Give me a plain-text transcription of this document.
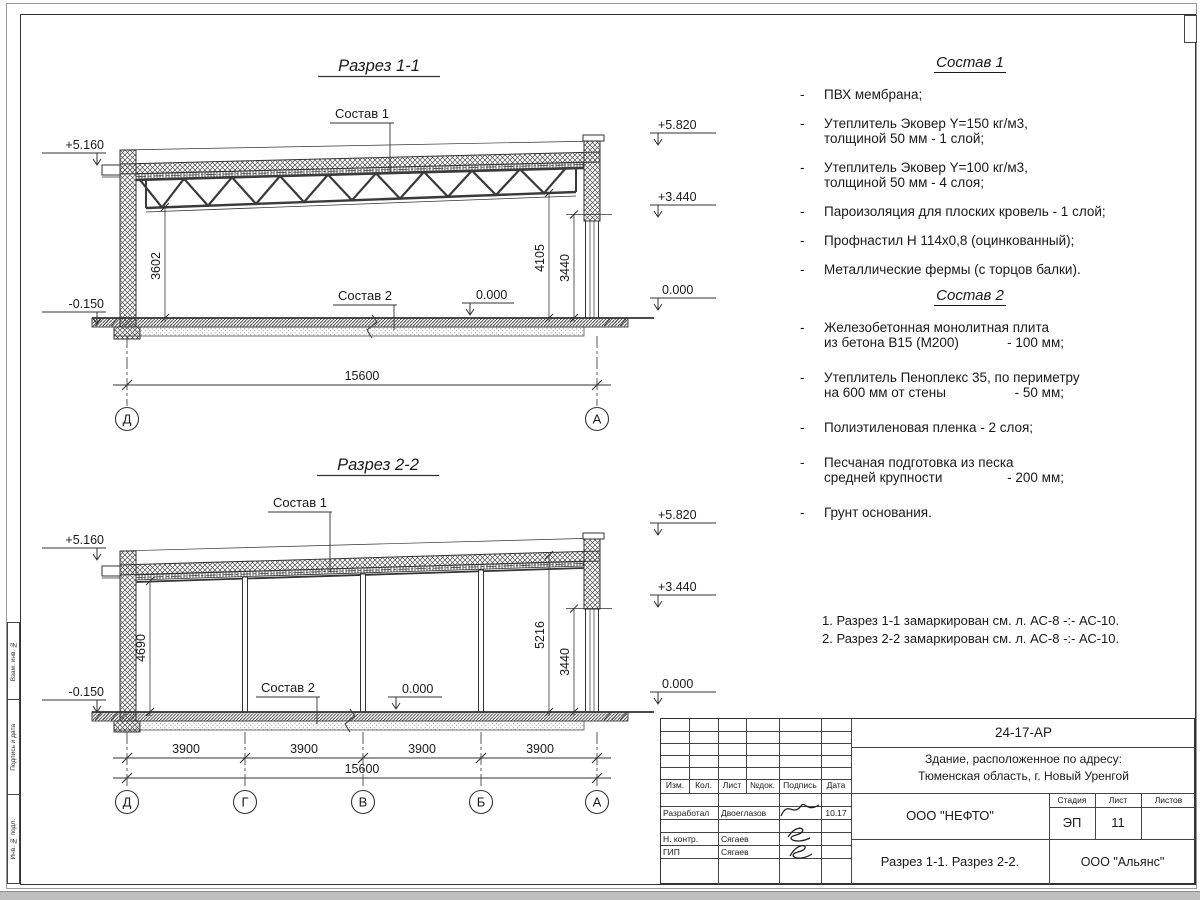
Взам. инв. №
Подпись и дата
Инв. № подл.
Разрез 1-1
Состав 1
Состав 2
+5.160
-0.150
+5.820
+3.440
0.000
0.000
3602	4105 3440
15600
Д	А
Разрез 2-2
Состав 1
Состав 2
+5.160
-0.150
+5.820
+3.440
0.000
0.000
4690	5216
3440
3900	3900	3900	3900
15600
Д	Г	В	Б	А
Состав 1
-	ПВХ мембрана;
-	Утеплитель Эковер Y=150 кг/м3,
толщиной 50 мм - 1 слой;
-	Утеплитель Эковер Y=100 кг/м3,
толщиной 50 мм - 4 слоя;
-	Пароизоляция для плоских кровель - 1 слой;
-	Профнастил Н 114х0,8 (оцинкованный);
-	Металлические фермы (с торцов балки).
Состав 2
-	Железобетонная монолитная плита
из бетона В15 (М200)	- 100 мм;
-	Утеплитель Пеноплекс 35, по периметру
на 600 мм от стены	- 50 мм;
-	Полиэтиленовая пленка - 2 слоя;
-	Песчаная подготовка из песка
средней крупности	- 200 мм;
-	Грунт основания.
1. Разрез 1-1 замаркирован см. л. АС-8 -:- АС-10.
2. Разрез 2-2 замаркирован см. л. АС-8 -:- АС-10.
Изм.	Кол.	Лист	№док. Подпись	Дата
Разработал	Двоеглазов	10.17
Н. контр.	Сягаев
ГИП	Сягаев
24-17-АР
Здание, расположенное по адресу:
Тюменская область, г. Новый Уренгой
ООО "НЕФТО"
Стадия	Лист	Листов
ЭП	11
Разрез 1-1. Разрез 2-2.	ООО "Альянс"
